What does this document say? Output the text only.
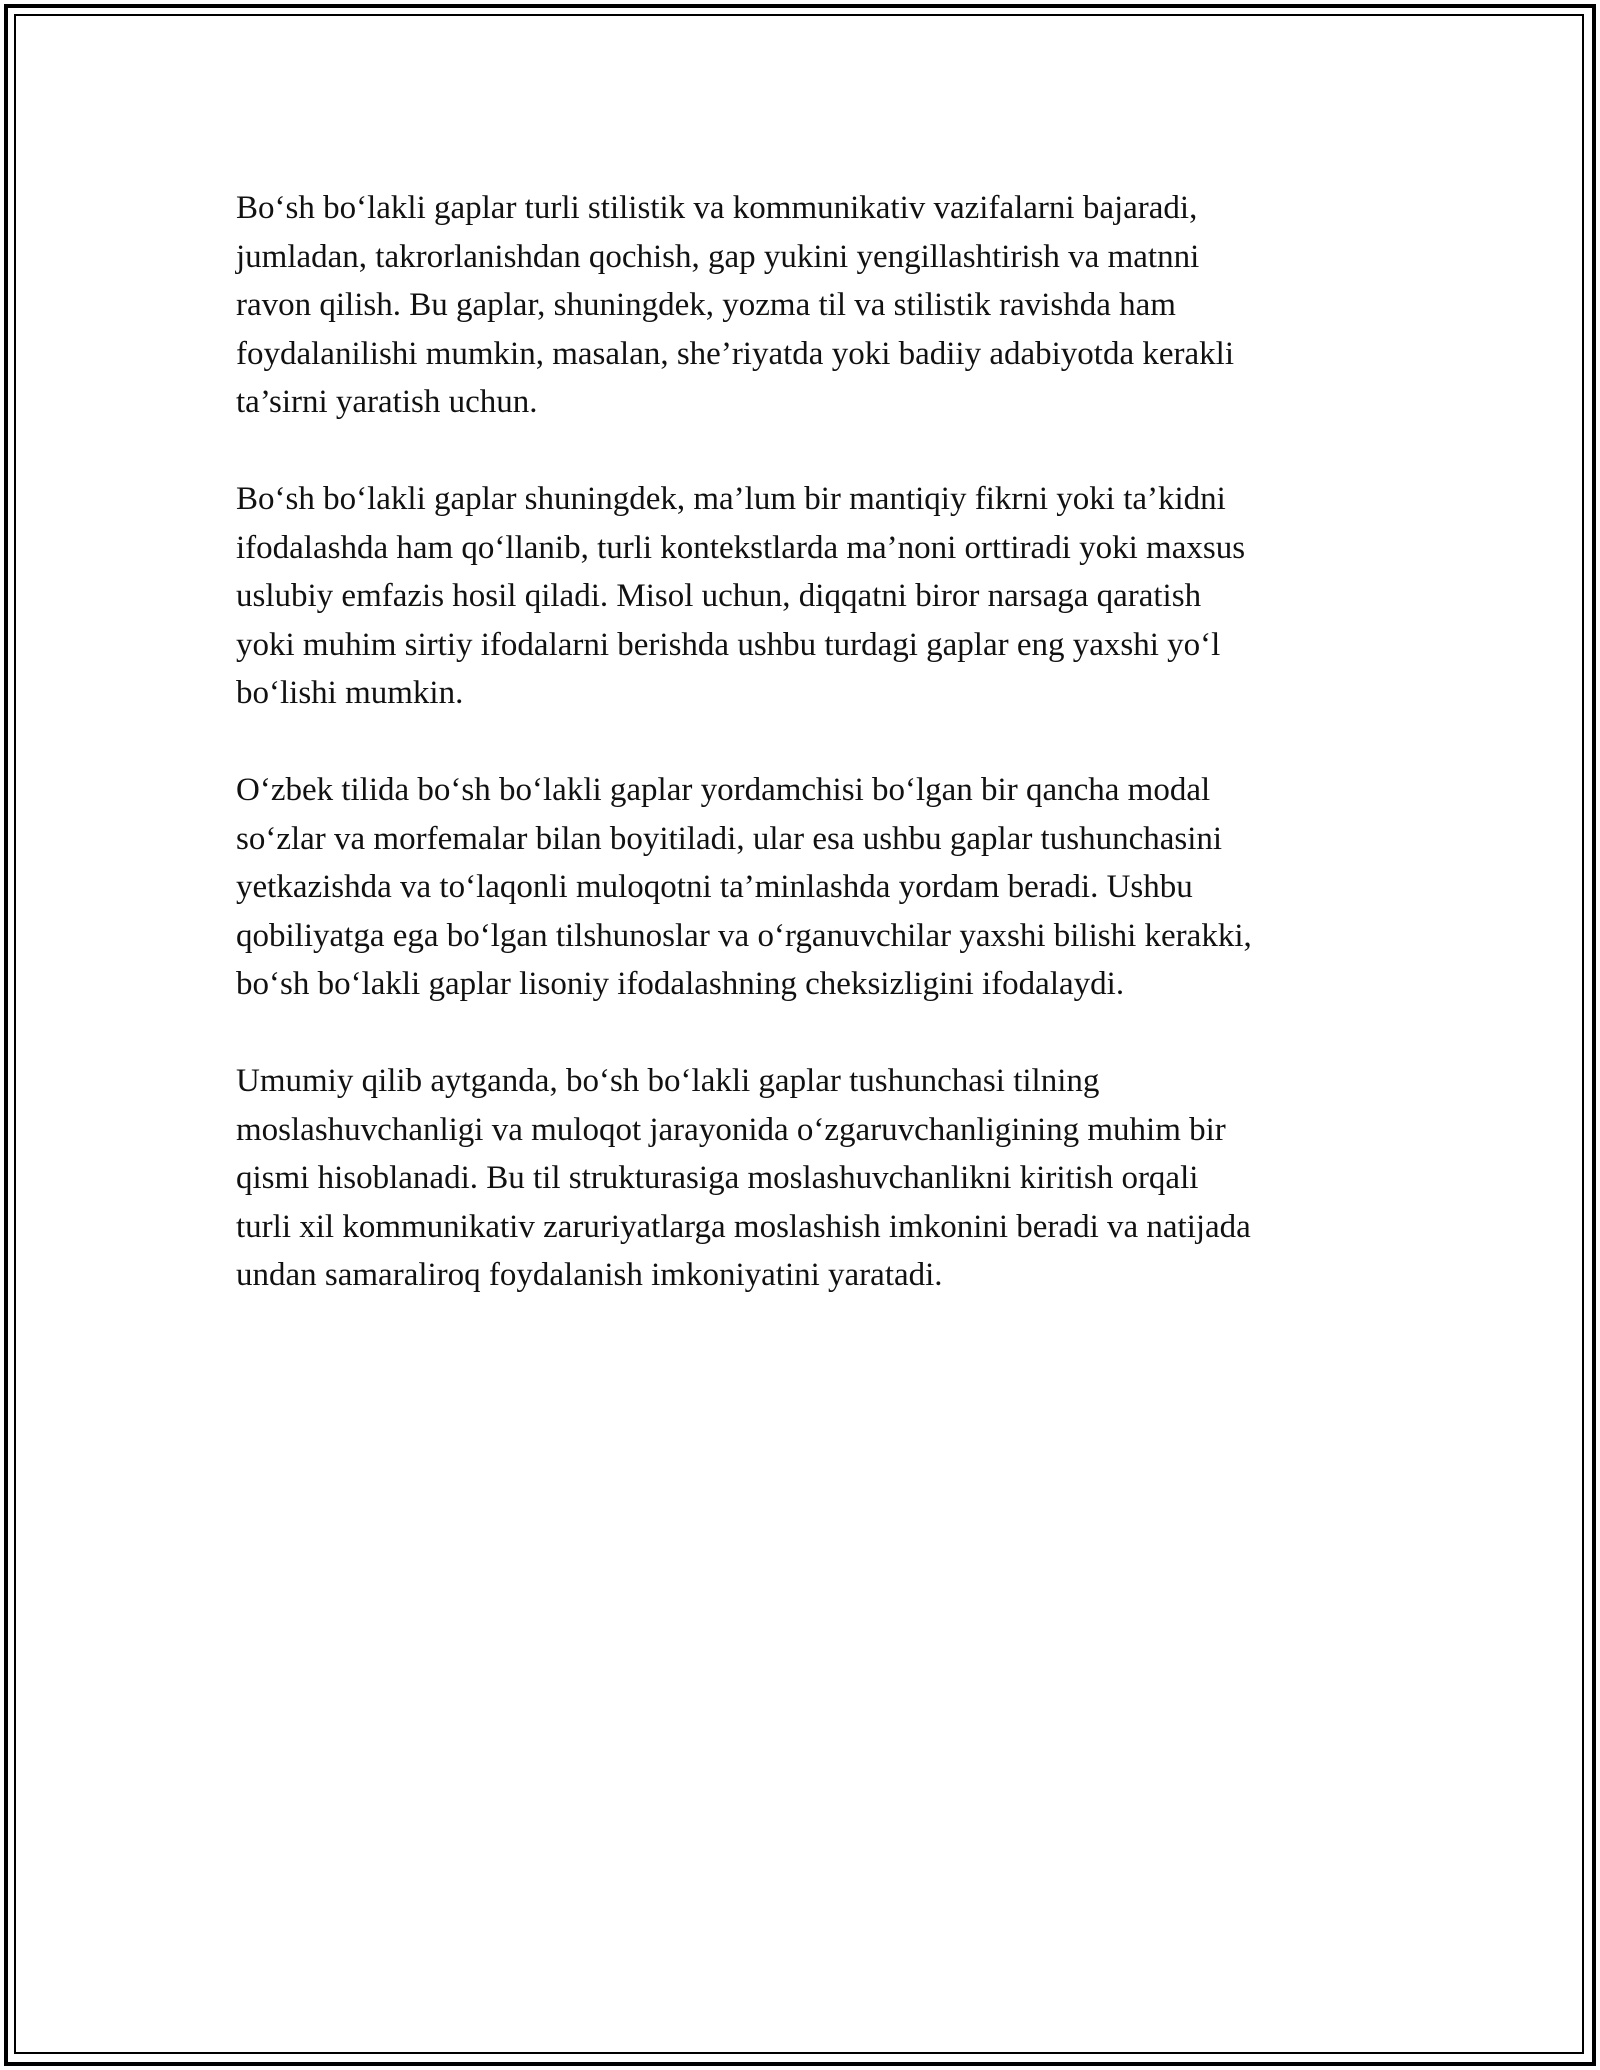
Bo‘sh bo‘lakli gaplar turli stilistik va kommunikativ vazifalarni bajaradi,
jumladan, takrorlanishdan qochish, gap yukini yengillashtirish va matnni
ravon qilish. Bu gaplar, shuningdek, yozma til va stilistik ravishda ham
foydalanilishi mumkin, masalan, she’riyatda yoki badiiy adabiyotda kerakli
ta’sirni yaratish uchun.

Bo‘sh bo‘lakli gaplar shuningdek, ma’lum bir mantiqiy fikrni yoki ta’kidni
ifodalashda ham qo‘llanib, turli kontekstlarda ma’noni orttiradi yoki maxsus
uslubiy emfazis hosil qiladi. Misol uchun, diqqatni biror narsaga qaratish
yoki muhim sirtiy ifodalarni berishda ushbu turdagi gaplar eng yaxshi yo‘l
bo‘lishi mumkin.

O‘zbek tilida bo‘sh bo‘lakli gaplar yordamchisi bo‘lgan bir qancha modal
so‘zlar va morfemalar bilan boyitiladi, ular esa ushbu gaplar tushunchasini
yetkazishda va to‘laqonli muloqotni ta’minlashda yordam beradi. Ushbu
qobiliyatga ega bo‘lgan tilshunoslar va o‘rganuvchilar yaxshi bilishi kerakki,
bo‘sh bo‘lakli gaplar lisoniy ifodalashning cheksizligini ifodalaydi.

Umumiy qilib aytganda, bo‘sh bo‘lakli gaplar tushunchasi tilning
moslashuvchanligi va muloqot jarayonida o‘zgaruvchanligining muhim bir
qismi hisoblanadi. Bu til strukturasiga moslashuvchanlikni kiritish orqali
turli xil kommunikativ zaruriyatlarga moslashish imkonini beradi va natijada
undan samaraliroq foydalanish imkoniyatini yaratadi.
